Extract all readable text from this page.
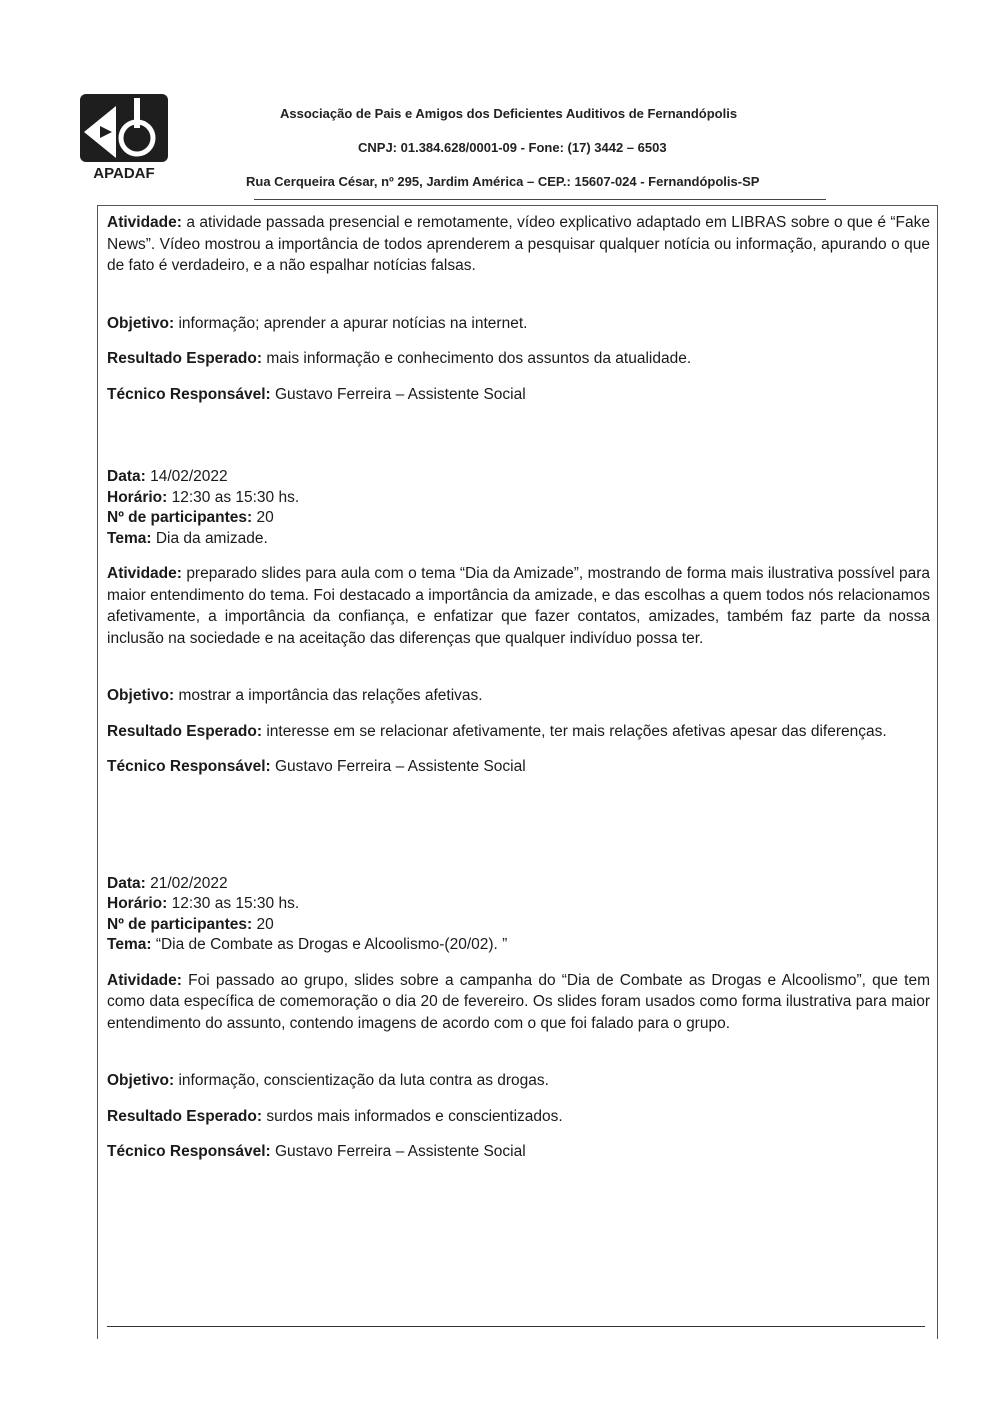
APADAF
Associação de Pais e Amigos dos Deficientes Auditivos de Fernandópolis
CNPJ: 01.384.628/0001-09 - Fone: (17) 3442 – 6503
Rua Cerqueira César, nº 295, Jardim América – CEP.: 15607-024 - Fernandópolis-SP

Atividade: a atividade passada presencial e remotamente, vídeo explicativo adaptado em LIBRAS sobre o que é “Fake News”. Vídeo mostrou a importância de todos aprenderem a pesquisar qualquer notícia ou informação, apurando o que de fato é verdadeiro, e a não espalhar notícias falsas.

Objetivo: informação; aprender a apurar notícias na internet.

Resultado Esperado: mais informação e conhecimento dos assuntos da atualidade.

Técnico Responsável: Gustavo Ferreira – Assistente Social

Data: 14/02/2022

Horário: 12:30 as 15:30 hs.

Nº de participantes: 20

Tema: Dia da amizade.

Atividade: preparado slides para aula com o tema “Dia da Amizade”, mostrando de forma mais ilustrativa possível para maior entendimento do tema. Foi destacado a importância da amizade, e das escolhas a quem todos nós relacionamos afetivamente, a importância da confiança, e enfatizar que fazer contatos, amizades, também faz parte da nossa inclusão na sociedade e na aceitação das diferenças que qualquer indivíduo possa ter.

Objetivo: mostrar a importância das relações afetivas.

Resultado Esperado: interesse em se relacionar afetivamente, ter mais relações afetivas apesar das diferenças.

Técnico Responsável: Gustavo Ferreira – Assistente Social

Data: 21/02/2022

Horário: 12:30 as 15:30 hs.

Nº de participantes: 20

Tema: “Dia de Combate as Drogas e Alcoolismo-(20/02). ”

Atividade: Foi passado ao grupo, slides sobre a campanha do “Dia de Combate as Drogas e Alcoolismo”, que tem como data específica de comemoração o dia 20 de fevereiro. Os slides foram usados como forma ilustrativa para maior entendimento do assunto, contendo imagens de acordo com o que foi falado para o grupo.

Objetivo: informação, conscientização da luta contra as drogas.

Resultado Esperado: surdos mais informados e conscientizados.

Técnico Responsável: Gustavo Ferreira – Assistente Social
